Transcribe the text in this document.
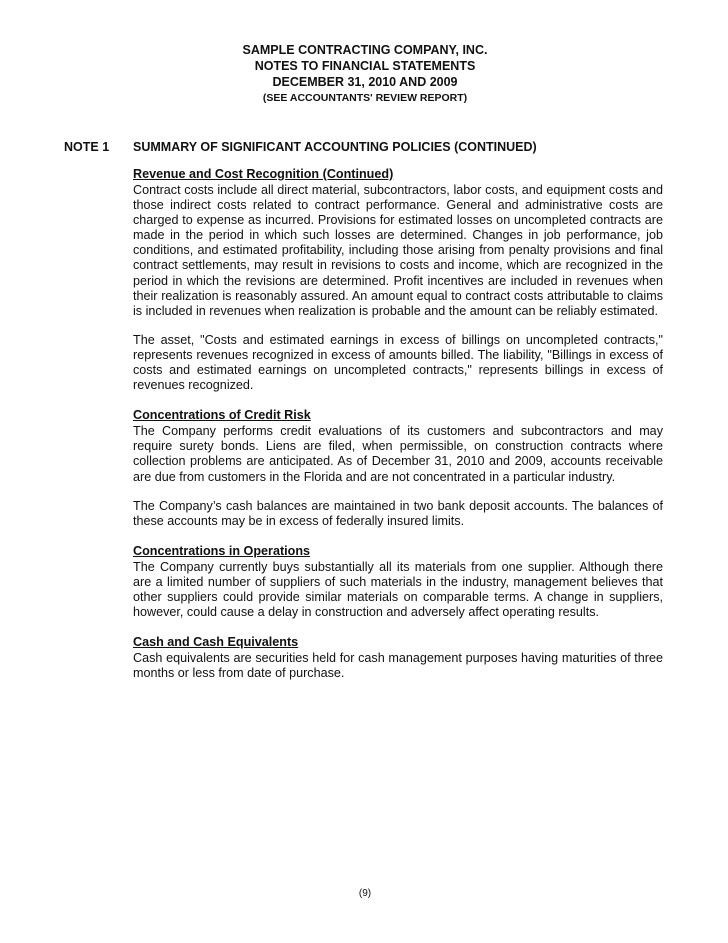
SAMPLE CONTRACTING COMPANY, INC.
NOTES TO FINANCIAL STATEMENTS
DECEMBER 31, 2010 AND 2009
(SEE ACCOUNTANTS' REVIEW REPORT)
NOTE 1 SUMMARY OF SIGNIFICANT ACCOUNTING POLICIES (CONTINUED)

Revenue and Cost Recognition (Continued)

Contract costs include all direct material, subcontractors, labor costs, and equipment costs and those indirect costs related to contract performance. General and administrative costs are charged to expense as incurred. Provisions for estimated losses on uncompleted contracts are made in the period in which such losses are determined. Changes in job performance, job conditions, and estimated profitability, including those arising from penalty provisions and final contract settlements, may result in revisions to costs and income, which are recognized in the period in which the revisions are determined. Profit incentives are included in revenues when their realization is reasonably assured. An amount equal to contract costs attributable to claims is included in revenues when realization is probable and the amount can be reliably estimated.

The asset, "Costs and estimated earnings in excess of billings on uncompleted contracts," represents revenues recognized in excess of amounts billed. The liability, "Billings in excess of costs and estimated earnings on uncompleted contracts," represents billings in excess of revenues recognized.

Concentrations of Credit Risk

The Company performs credit evaluations of its customers and subcontractors and may require surety bonds. Liens are filed, when permissible, on construction contracts where collection problems are anticipated. As of December 31, 2010 and 2009, accounts receivable are due from customers in the Florida and are not concentrated in a particular industry.

The Company’s cash balances are maintained in two bank deposit accounts. The balances of these accounts may be in excess of federally insured limits.

Concentrations in Operations

The Company currently buys substantially all its materials from one supplier. Although there are a limited number of suppliers of such materials in the industry, management believes that other suppliers could provide similar materials on comparable terms. A change in suppliers, however, could cause a delay in construction and adversely affect operating results.

Cash and Cash Equivalents

Cash equivalents are securities held for cash management purposes having maturities of three months or less from date of purchase.

(9)
